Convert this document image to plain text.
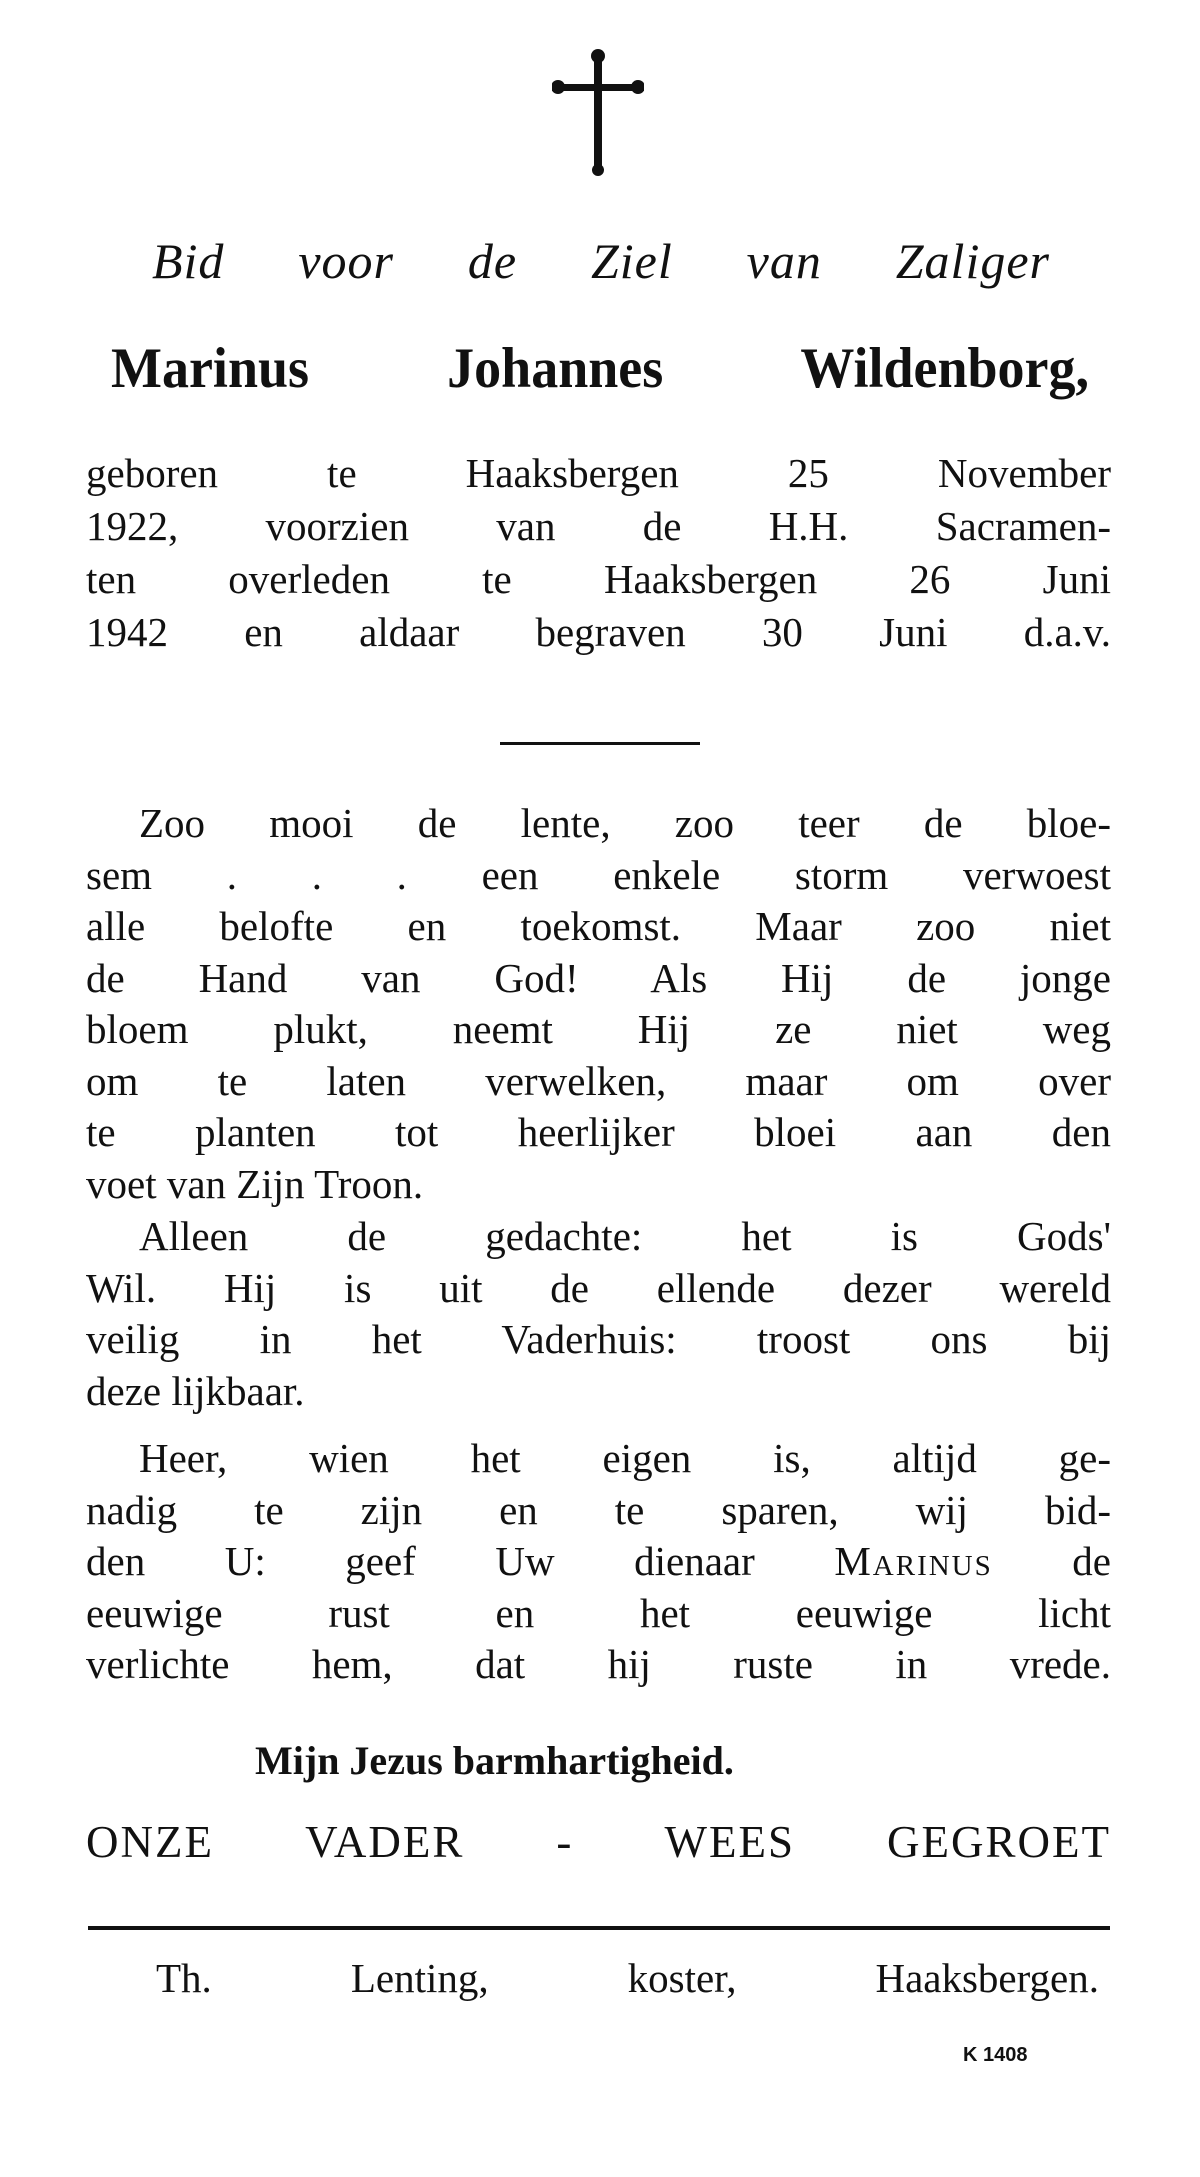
Bid voor de Ziel van Zaliger
Marinus Johannes Wildenborg,
geboren te Haaksbergen 25 November
1922, voorzien van de H.H. Sacramen-
ten overleden te Haaksbergen 26 Juni
1942 en aldaar begraven 30 Juni d.a.v.
Zoo mooi de lente, zoo teer de bloe-
sem . . . een enkele storm verwoest
alle belofte en toekomst. Maar zoo niet
de Hand van God! Als Hij de jonge
bloem plukt, neemt Hij ze niet weg
om te laten verwelken, maar om over
te planten tot heerlijker bloei aan den
voet van Zijn Troon.
Alleen de gedachte: het is Gods'
Wil. Hij is uit de ellende dezer wereld
veilig in het Vaderhuis: troost ons bij
deze lijkbaar.
Heer, wien het eigen is, altijd ge-
nadig te zijn en te sparen, wij bid-
den U: geef Uw dienaar Marinus de
eeuwige rust en het eeuwige licht
verlichte hem, dat hij ruste in vrede.
Mijn Jezus barmhartigheid.
ONZE VADER - WEES GEGROET
Th. Lenting, koster, Haaksbergen.
K 1408
